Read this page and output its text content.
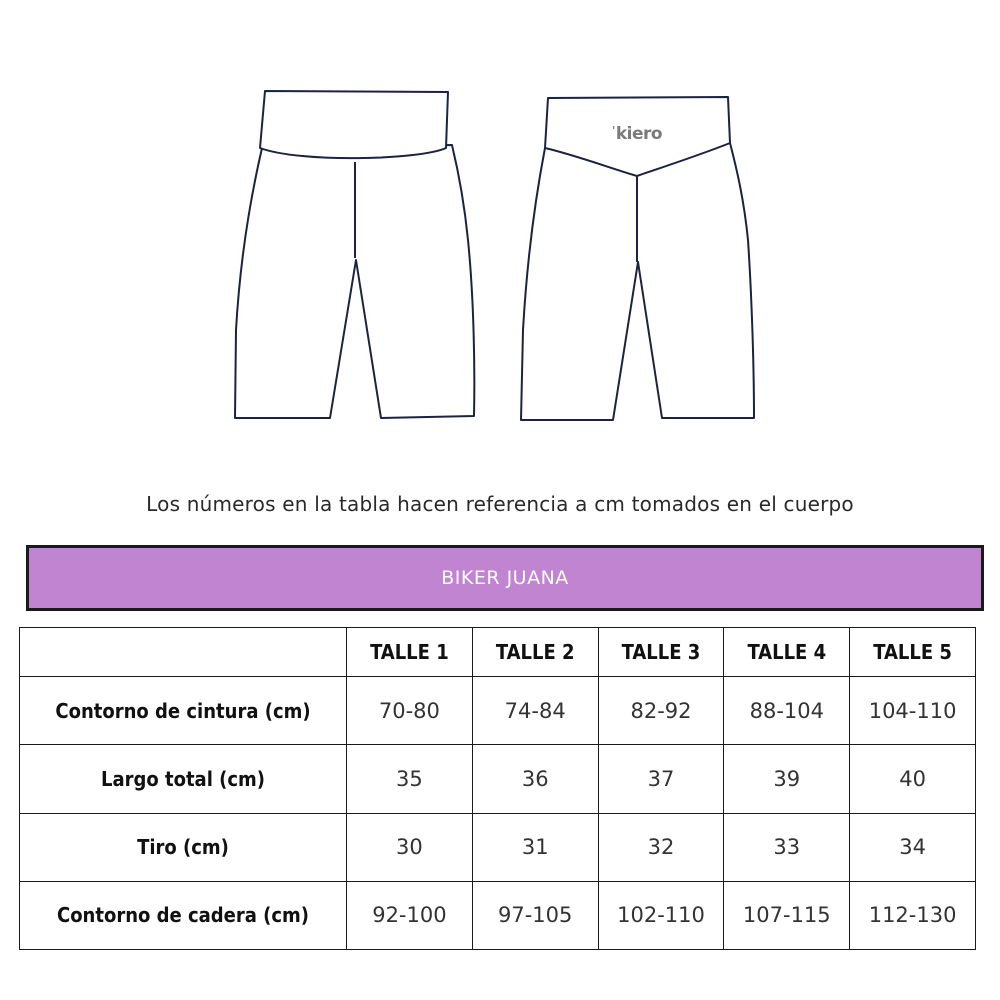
'kiero
Los números en la tabla hacen referencia a cm tomados en el cuerpo
BIKER JUANA
	TALLE 1	TALLE 2	TALLE 3	TALLE 4	TALLE 5
Contorno de cintura (cm)	70-80	74-84	82-92	88-104	104-110
Largo total (cm)	35	36	37	39	40
Tiro (cm)	30	31	32	33	34
Contorno de cadera (cm)	92-100	97-105	102-110	107-115	112-130
